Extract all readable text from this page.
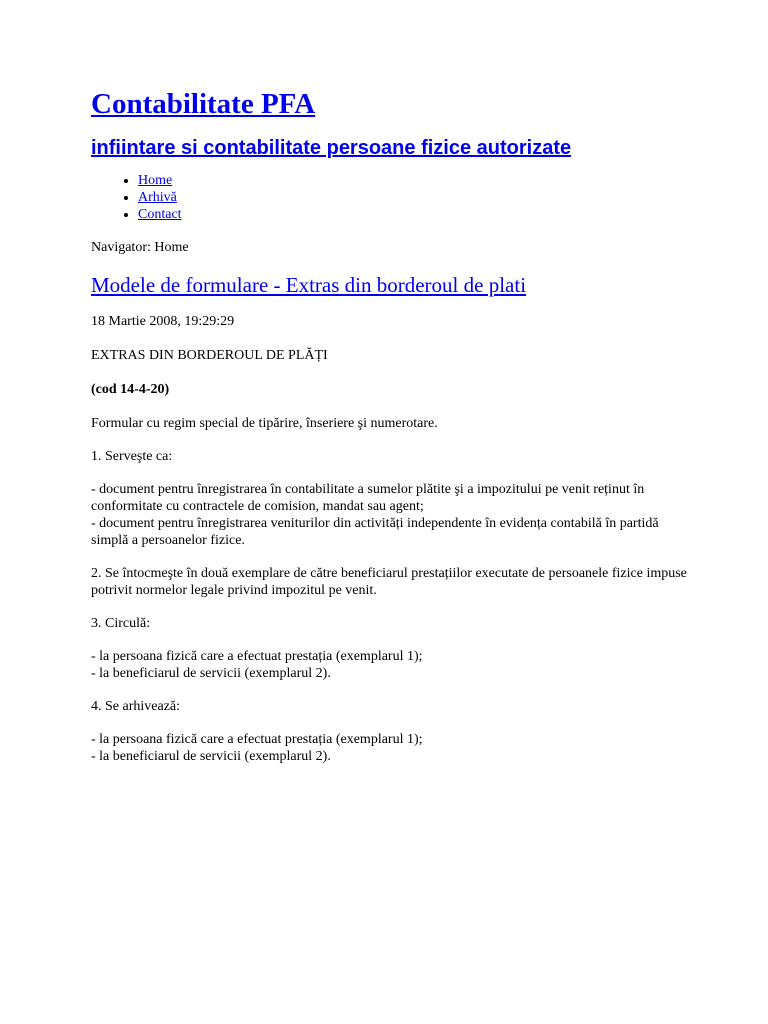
Contabilitate PFA
infiintare si contabilitate persoane fizice autorizate
• Home
• Arhivă
• Contact

Navigator: Home

Modele de formulare - Extras din borderoul de plati

18 Martie 2008, 19:29:29

EXTRAS DIN BORDEROUL DE PLĂȚI

(cod 14-4-20)

Formular cu regim special de tipărire, înseriere şi numerotare.

1. Serveşte ca:

- document pentru înregistrarea în contabilitate a sumelor plătite şi a impozitului pe venit reținut în conformitate cu contractele de comision, mandat sau agent;
- document pentru înregistrarea veniturilor din activități independente în evidența contabilă în partidă simplă a persoanelor fizice.

2. Se întocmeşte în două exemplare de către beneficiarul prestațiilor executate de persoanele fizice impuse potrivit normelor legale privind impozitul pe venit.

3. Circulă:

- la persoana fizică care a efectuat prestația (exemplarul 1);
- la beneficiarul de servicii (exemplarul 2).

4. Se arhivează:

- la persoana fizică care a efectuat prestația (exemplarul 1);
- la beneficiarul de servicii (exemplarul 2).
